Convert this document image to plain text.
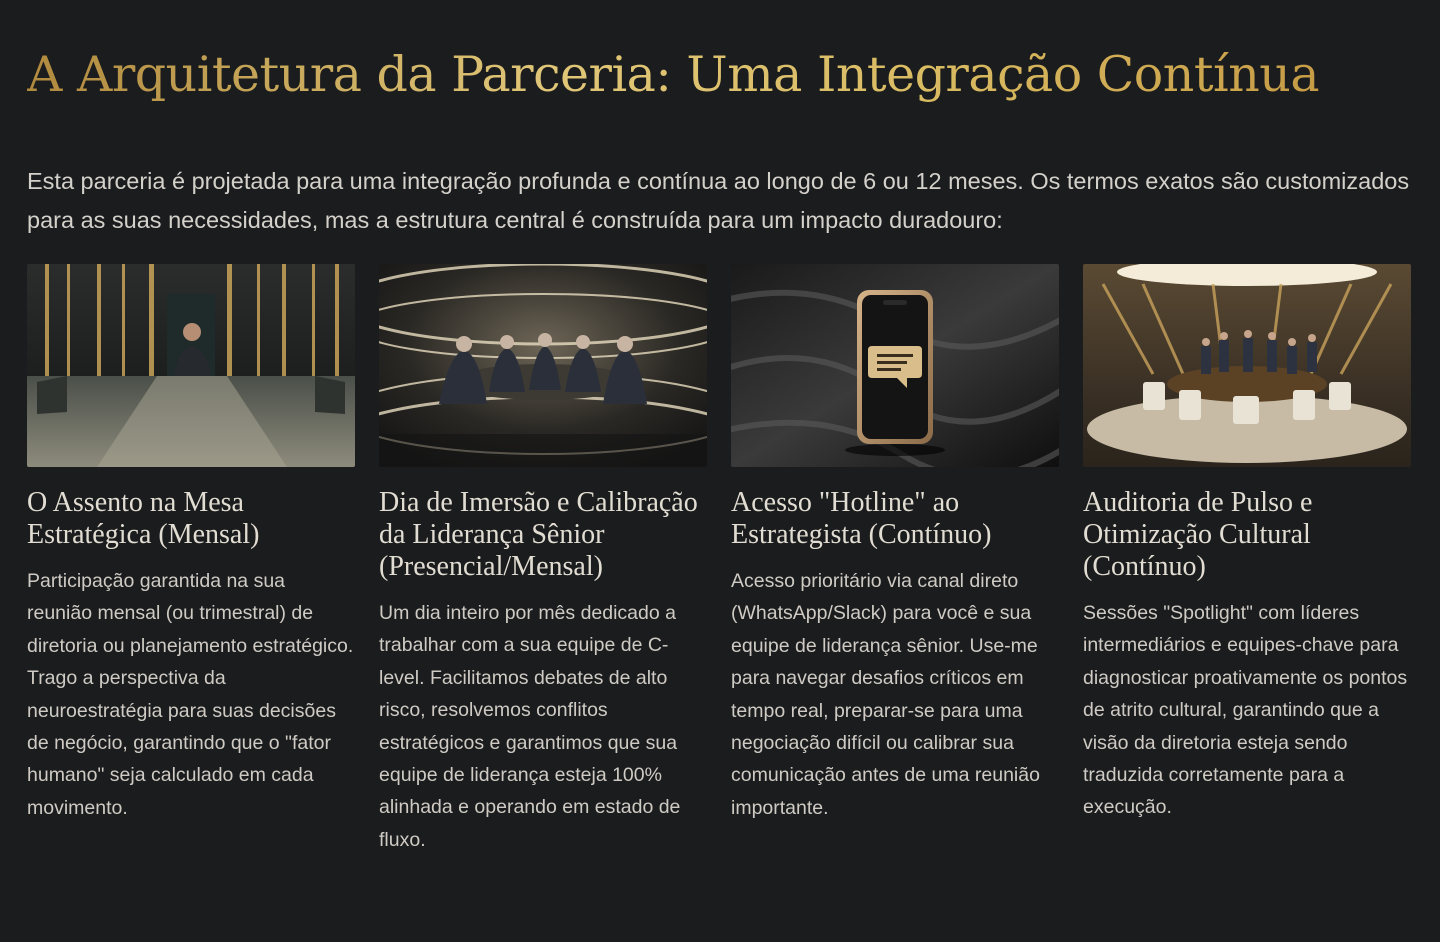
A Arquitetura da Parceria: Uma Integração Contínua

Esta parceria é projetada para uma integração profunda e contínua ao longo de 6 ou 12 meses. Os termos exatos são customizados para as suas necessidades, mas a estrutura central é construída para um impacto duradouro:

O Assento na Mesa Estratégica (Mensal)

Participação garantida na sua reunião mensal (ou trimestral) de diretoria ou planejamento estratégico. Trago a perspectiva da neuroestratégia para suas decisões de negócio, garantindo que o "fator humano" seja calculado em cada movimento.

Dia de Imersão e Calibração da Liderança Sênior (Presencial/Mensal)

Um dia inteiro por mês dedicado a trabalhar com a sua equipe de C-level. Facilitamos debates de alto risco, resolvemos conflitos estratégicos e garantimos que sua equipe de liderança esteja 100% alinhada e operando em estado de fluxo.

Acesso "Hotline" ao Estrategista (Contínuo)

Acesso prioritário via canal direto (WhatsApp/Slack) para você e sua equipe de liderança sênior. Use-me para navegar desafios críticos em tempo real, preparar-se para uma negociação difícil ou calibrar sua comunicação antes de uma reunião importante.

Auditoria de Pulso e Otimização Cultural (Contínuo)

Sessões "Spotlight" com líderes intermediários e equipes-chave para diagnosticar proativamente os pontos de atrito cultural, garantindo que a visão da diretoria esteja sendo traduzida corretamente para a execução.
